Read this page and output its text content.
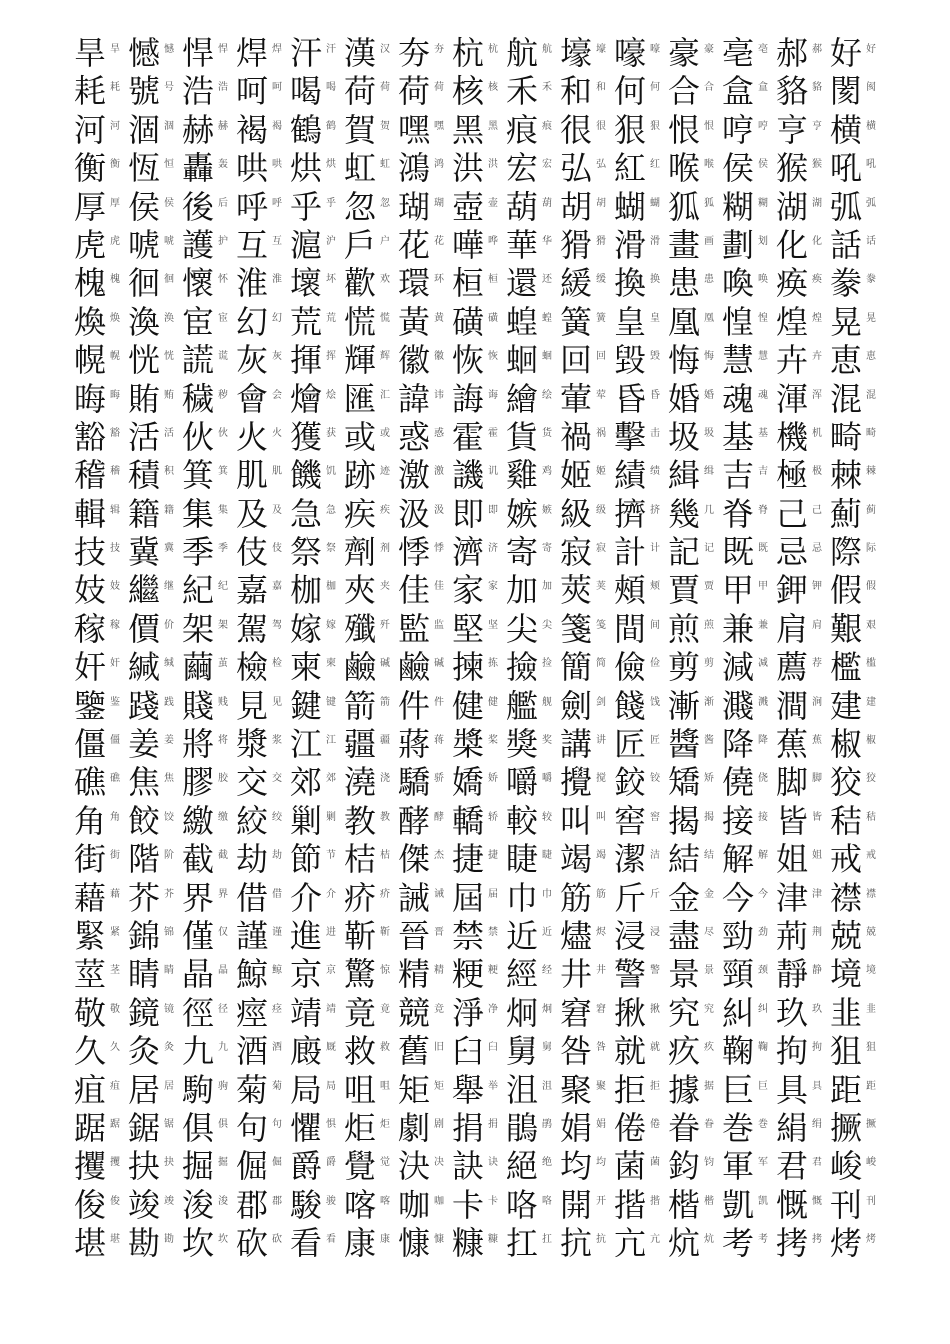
好 好
閡 阂
横 横
吼 吼
弧 弧
話 话
豢 豢
晃 晃
恵 恵
混 混
畸 畸
棘 棘
薊 蓟
際 际
假 假
艱 艰
檻 槛
建 建
椒 椒
狡 狡
秸 秸
戒 戒
襟 襟
兢 兢
境 境
韭 韭
狙 狙
距 距
撅 撅
峻 峻
刊 刊
烤 烤
郝 郝
貉 貉
亨 亨
猴 猴
湖 湖
化 化
痪 痪
煌 煌
卉 卉
渾 浑
機 机
極 极
己 己
忌 忌
鉀 钾
肩 肩
薦 荐
澗 涧
蕉 蕉
脚 脚
皆 皆
姐 姐
津 津
荊 荆
靜 静
玖 玖
拘 拘
具 具
絹 绢
君 君
慨 慨
拷 拷
亳 亳
盒 盒
哼 哼
侯 侯
糊 糊
劃 划
喚 唤
惶 惶
慧 慧
魂 魂
基 基
吉 吉
脊 脊
既 既
甲 甲
兼 兼
減 减
濺 溅
降 降
僥 侥
接 接
解 解
今 今
勁 劲
頸 颈
糾 纠
鞠 鞠
巨 巨
巻 巻
軍 军
凱 凯
考 考
豪 豪
合 合
恨 恨
喉 喉
狐 狐
畫 画
患 患
凰 凰
悔 悔
婚 婚
圾 圾
緝 缉
幾 几
記 记
賈 贾
煎 煎
剪 剪
漸 渐
醬 酱
矯 矫
揭 揭
結 结
金 金
盡 尽
景 景
究 究
疚 疚
據 据
眷 眷
鈞 钧
楷 楷
炕 炕
嚎 嚎
何 何
狠 狠
紅 红
蝴 蝴
滑 滑
換 换
皇 皇
毀 毁
昏 昏
擊 击
績 绩
擠 挤
計 计
頰 颊
間 间
儉 俭
餞 饯
匠 匠
鉸 铰
窖 窖
潔 洁
斤 斤
浸 浸
警 警
揪 揪
就 就
拒 拒
倦 倦
菌 菌
揩 揩
亢 亢
壕 壕
和 和
很 很
弘 弘
胡 胡
猾 猾
緩 缓
簧 簧
回 回
葷 荤
禍 祸
姬 姬
級 级
寂 寂
莢 荚
箋 笺
簡 简
劍 剑
講 讲
攪 搅
叫 叫
竭 竭
筋 筋
燼 烬
井 井
窘 窘
咎 咎
聚 聚
娟 娟
均 均
開 开
抗 抗
航 航
禾 禾
痕 痕
宏 宏
葫 葫
華 华
還 还
蝗 蝗
蛔 蛔
繪 绘
貨 货
雞 鸡
嫉 嫉
寄 寄
加 加
尖 尖
撿 捡
艦 舰
獎 奖
嚼 嚼
較 较
睫 睫
巾 巾
近 近
經 经
炯 炯
舅 舅
沮 沮
鵑 鹃
絕 绝
咯 咯
扛 扛
杭 杭
核 核
黑 黑
洪 洪
壺 壶
嘩 哗
桓 桓
磺 磺
恢 恢
誨 诲
霍 霍
譏 讥
即 即
濟 济
家 家
堅 坚
揀 拣
健 健
槳 桨
嬌 娇
轎 轿
捷 捷
屆 届
禁 禁
粳 粳
淨 净
臼 臼
舉 举
捐 捐
訣 诀
卡 卡
糠 糠
夯 夯
荷 荷
嘿 嘿
鴻 鸿
瑚 瑚
花 花
環 环
黃 黄
徽 徽
諱 讳
惑 惑
激 激
汲 汲
悸 悸
佳 佳
監 监
鹼 碱
件 件
蔣 蒋
驕 骄
酵 酵
傑 杰
誡 诫
晉 晋
精 精
競 竞
舊 旧
矩 矩
劇 剧
決 决
咖 咖
慷 慷
漢 汉
荷 荷
賀 贺
虹 虹
忽 忽
戶 户
歡 欢
慌 慌
輝 辉
匯 汇
或 或
跡 迹
疾 疾
劑 剂
夾 夹
殲 歼
鹼 碱
箭 箭
疆 疆
澆 浇
教 教
桔 桔
疥 疥
靳 靳
驚 惊
竟 竟
救 救
咀 咀
炬 炬
覺 觉
喀 喀
康 康
汗 汗
喝 喝
鶴 鹤
烘 烘
乎 乎
滬 沪
壞 坏
荒 荒
揮 挥
燴 烩
獲 获
饑 饥
急 急
祭 祭
枷 枷
嫁 嫁
柬 柬
鍵 键
江 江
郊 郊
剿 剿
節 节
介 介
進 进
京 京
靖 靖
廄 厩
局 局
懼 惧
爵 爵
駿 骏
看 看
焊 焊
呵 呵
褐 褐
哄 哄
呼 呼
互 互
淮 淮
幻 幻
灰 灰
會 会
火 火
肌 肌
及 及
伎 伎
嘉 嘉
駕 驾
檢 检
見 见
漿 浆
交 交
絞 绞
劫 劫
借 借
謹 谨
鯨 鲸
痙 痉
酒 酒
菊 菊
句 句
倔 倔
郡 郡
砍 砍
悍 悍
浩 浩
赫 赫
轟 轰
後 后
護 护
懷 怀
宦 宦
謊 谎
穢 秽
伙 伙
箕 箕
集 集
季 季
紀 纪
架 架
繭 茧
賤 贱
將 将
膠 胶
繳 缴
截 截
界 界
僅 仅
晶 晶
徑 径
九 九
駒 驹
俱 俱
掘 掘
浚 浚
坎 坎
憾 憾
號 号
涸 涸
恆 恒
侯 侯
唬 唬
徊 徊
渙 涣
恍 恍
賄 贿
活 活
積 积
籍 籍
冀 冀
繼 继
價 价
緘 缄
踐 践
姜 姜
焦 焦
餃 饺
階 阶
芥 芥
錦 锦
睛 睛
鏡 镜
灸 灸
居 居
鋸 锯
抉 抉
竣 竣
勘 勘
旱 旱
耗 耗
河 河
衡 衡
厚 厚
虎 虎
槐 槐
煥 焕
幌 幌
晦 晦
豁 豁
稽 稽
輯 辑
技 技
妓 妓
稼 稼
奸 奸
鑒 鉴
僵 僵
礁 礁
角 角
街 街
藉 藉
緊 紧
莖 茎
敬 敬
久 久
疽 疽
踞 踞
攫 攫
俊 俊
堪 堪
